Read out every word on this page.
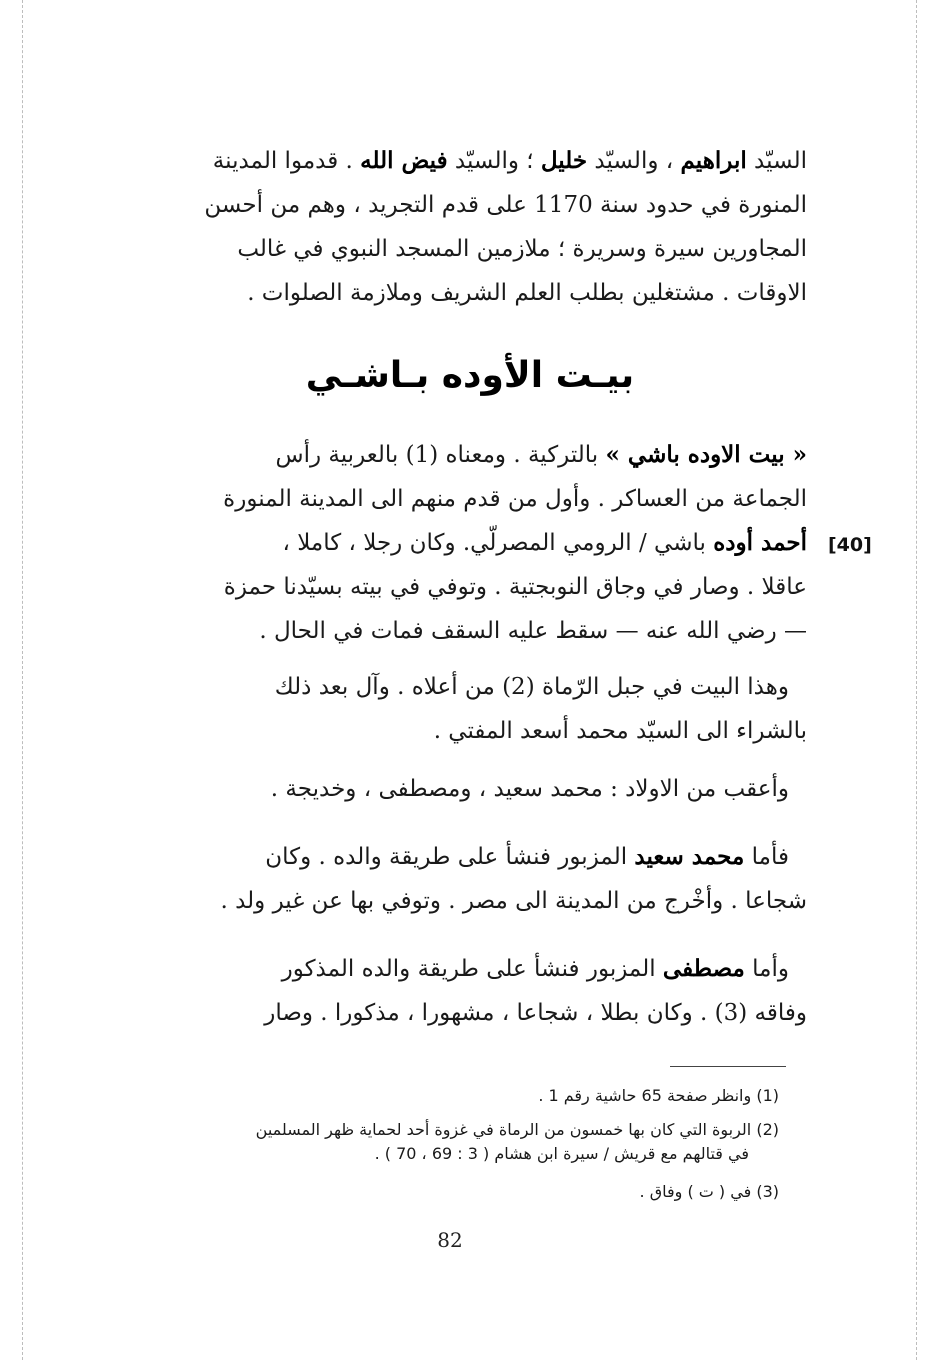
السيّد ابراهيم ، والسيّد خليل ؛ والسيّد فيض الله . قدموا المدينة
المنورة في حدود سنة 1170 على قدم التجريد ، وهم من أحسن
المجاورين سيرة وسريرة ؛ ملازمين المسجد النبوي في غالب
الاوقات . مشتغلين بطلب العلم الشريف وملازمة الصلوات .
بيـت الأوده بـاشـي
« بيت الاوده باشي » بالتركية . ومعناه (1) بالعربية رأس
الجماعة من العساكر . وأول من قدم منهم الى المدينة المنورة
أحمد أوده باشي / الرومي المصرلّي. وكان رجلا ، كاملا ،	[40]
عاقلا . وصار في وجاق النوبجتية . وتوفي في بيته بسيّدنا حمزة
— رضي الله عنه — سقط عليه السقف فمات في الحال .
وهذا البيت في جبل الرّماة (2) من أعلاه . وآل بعد ذلك
بالشراء الى السيّد محمد أسعد المفتي .
وأعقب من الاولاد : محمد سعيد ، ومصطفى ، وخديجة .
فأما محمد سعيد المزبور فنشأ على طريقة والده . وكان
شجاعا . وأخْرج من المدينة الى مصر . وتوفي بها عن غير ولد .
وأما مصطفى المزبور فنشأ على طريقة والده المذكور
وفاقه (3) . وكان بطلا ، شجاعا ، مشهورا ، مذكورا . وصار
(1) وانظر صفحة 65 حاشية رقم 1 .
(2) الربوة التي كان بها خمسون من الرماة في غزوة أحد لحماية ظهر المسلمين
في قتالهم مع قريش / سيرة ابن هشام ( 3 : 69 ، 70 ) .
(3) في ( ت ) وفاق .
82
